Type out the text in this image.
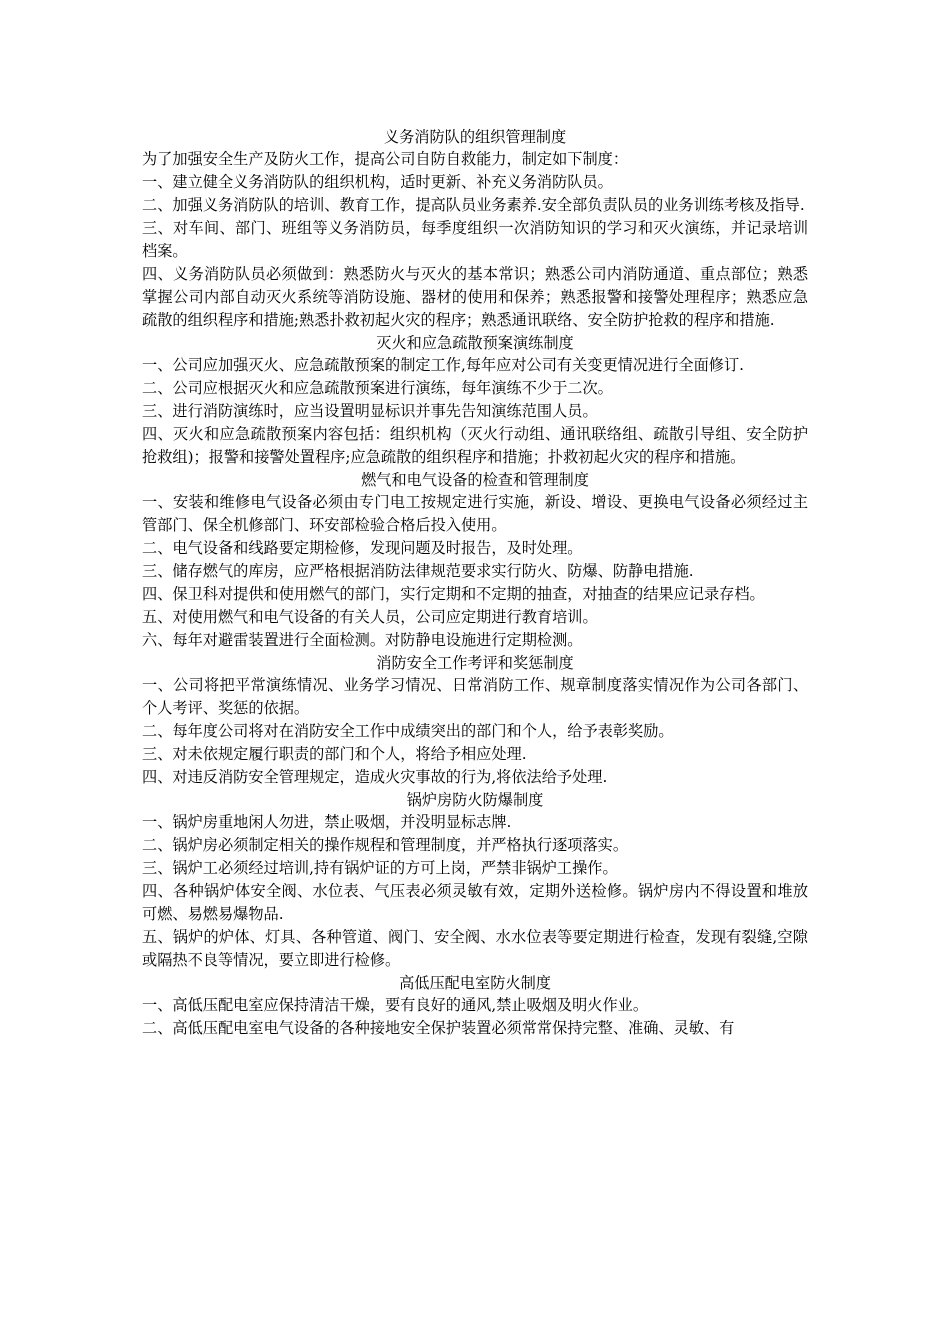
义务消防队的组织管理制度

为了加强安全生产及防火工作，提高公司自防自救能力，制定如下制度：

一、建立健全义务消防队的组织机构，适时更新、补充义务消防队员。

二、加强义务消防队的培训、教育工作，提高队员业务素养.安全部负责队员的业务训练考核及指导.

三、对车间、部门、班组等义务消防员，每季度组织一次消防知识的学习和灭火演练，并记录培训档案。

四、义务消防队员必须做到：熟悉防火与灭火的基本常识；熟悉公司内消防通道、重点部位；熟悉掌握公司内部自动灭火系统等消防设施、器材的使用和保养；熟悉报警和接警处理程序；熟悉应急疏散的组织程序和措施;熟悉扑救初起火灾的程序；熟悉通讯联络、安全防护抢救的程序和措施.

灭火和应急疏散预案演练制度

一、公司应加强灭火、应急疏散预案的制定工作,每年应对公司有关变更情况进行全面修订.

二、公司应根据灭火和应急疏散预案进行演练，每年演练不少于二次。

三、进行消防演练时，应当设置明显标识并事先告知演练范围人员。

四、灭火和应急疏散预案内容包括：组织机构（灭火行动组、通讯联络组、疏散引导组、安全防护抢救组)；报警和接警处置程序;应急疏散的组织程序和措施；扑救初起火灾的程序和措施。

燃气和电气设备的检查和管理制度

一、安装和维修电气设备必须由专门电工按规定进行实施，新设、增设、更换电气设备必须经过主管部门、保全机修部门、环安部检验合格后投入使用。

二、电气设备和线路要定期检修，发现问题及时报告，及时处理。

三、储存燃气的库房，应严格根据消防法律规范要求实行防火、防爆、防静电措施.

四、保卫科对提供和使用燃气的部门，实行定期和不定期的抽查，对抽查的结果应记录存档。

五、对使用燃气和电气设备的有关人员，公司应定期进行教育培训。

六、每年对避雷装置进行全面检测。对防静电设施进行定期检测。

消防安全工作考评和奖惩制度

一、公司将把平常演练情况、业务学习情况、日常消防工作、规章制度落实情况作为公司各部门、个人考评、奖惩的依据。

二、每年度公司将对在消防安全工作中成绩突出的部门和个人，给予表彰奖励。

三、对未依规定履行职责的部门和个人，将给予相应处理.

四、对违反消防安全管理规定，造成火灾事故的行为,将依法给予处理.

锅炉房防火防爆制度

一、锅炉房重地闲人勿进，禁止吸烟，并没明显标志牌.

二、锅炉房必须制定相关的操作规程和管理制度，并严格执行逐项落实。

三、锅炉工必须经过培训,持有锅炉证的方可上岗，严禁非锅炉工操作。

四、各种锅炉体安全阀、水位表、气压表必须灵敏有效，定期外送检修。锅炉房内不得设置和堆放可燃、易燃易爆物品.

五、锅炉的炉体、灯具、各种管道、阀门、安全阀、水水位表等要定期进行检查，发现有裂缝,空隙或隔热不良等情况，要立即进行检修。

高低压配电室防火制度

一、高低压配电室应保持清洁干燥，要有良好的通风,禁止吸烟及明火作业。

二、高低压配电室电气设备的各种接地安全保护装置必须常常保持完整、准确、灵敏、有
